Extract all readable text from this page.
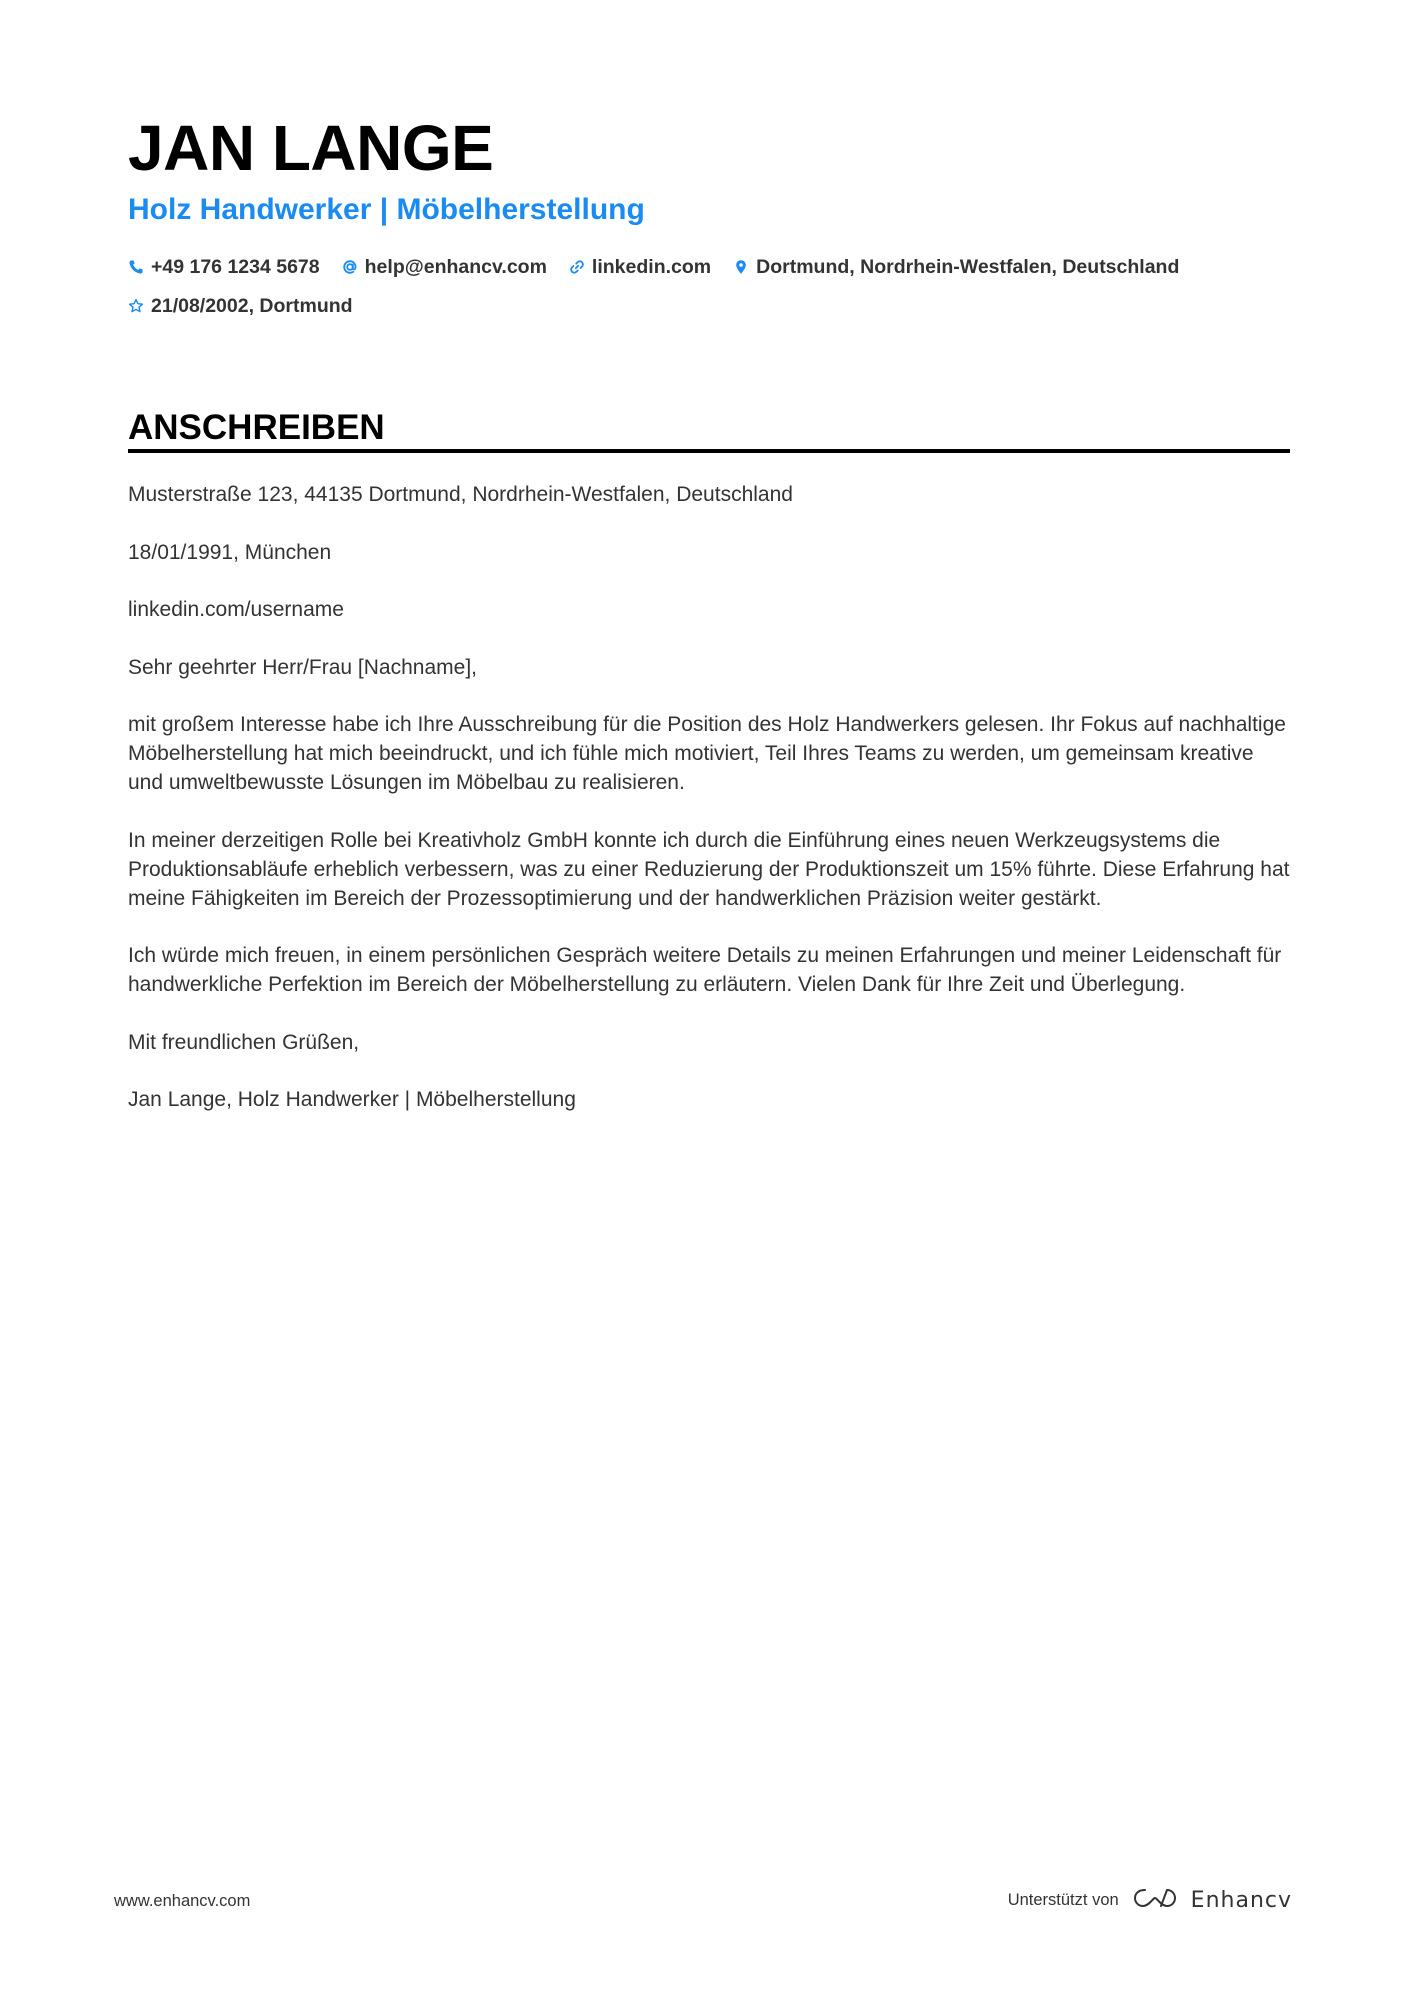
JAN LANGE
Holz Handwerker | Möbelherstellung
+49 176 1234 5678 help@enhancv.com linkedin.com Dortmund, Nordrhein-Westfalen, Deutschland
21/08/2002, Dortmund
ANSCHREIBEN

Musterstraße 123, 44135 Dortmund, Nordrhein-Westfalen, Deutschland

18/01/1991, München

linkedin.com/username

Sehr geehrter Herr/Frau [Nachname],

mit großem Interesse habe ich Ihre Ausschreibung für die Position des Holz Handwerkers gelesen. Ihr Fokus auf nachhaltige Möbelherstellung hat mich beeindruckt, und ich fühle mich motiviert, Teil Ihres Teams zu werden, um gemeinsam kreative und umweltbewusste Lösungen im Möbelbau zu realisieren.

In meiner derzeitigen Rolle bei Kreativholz GmbH konnte ich durch die Einführung eines neuen Werkzeugsystems die Produktionsabläufe erheblich verbessern, was zu einer Reduzierung der Produktionszeit um 15% führte. Diese Erfahrung hat meine Fähigkeiten im Bereich der Prozessoptimierung und der handwerklichen Präzision weiter gestärkt.

Ich würde mich freuen, in einem persönlichen Gespräch weitere Details zu meinen Erfahrungen und meiner Leidenschaft für handwerkliche Perfektion im Bereich der Möbelherstellung zu erläutern. Vielen Dank für Ihre Zeit und Überlegung.

Mit freundlichen Grüßen,

Jan Lange, Holz Handwerker | Möbelherstellung

www.enhancv.com	Unterstützt von	Enhancv
